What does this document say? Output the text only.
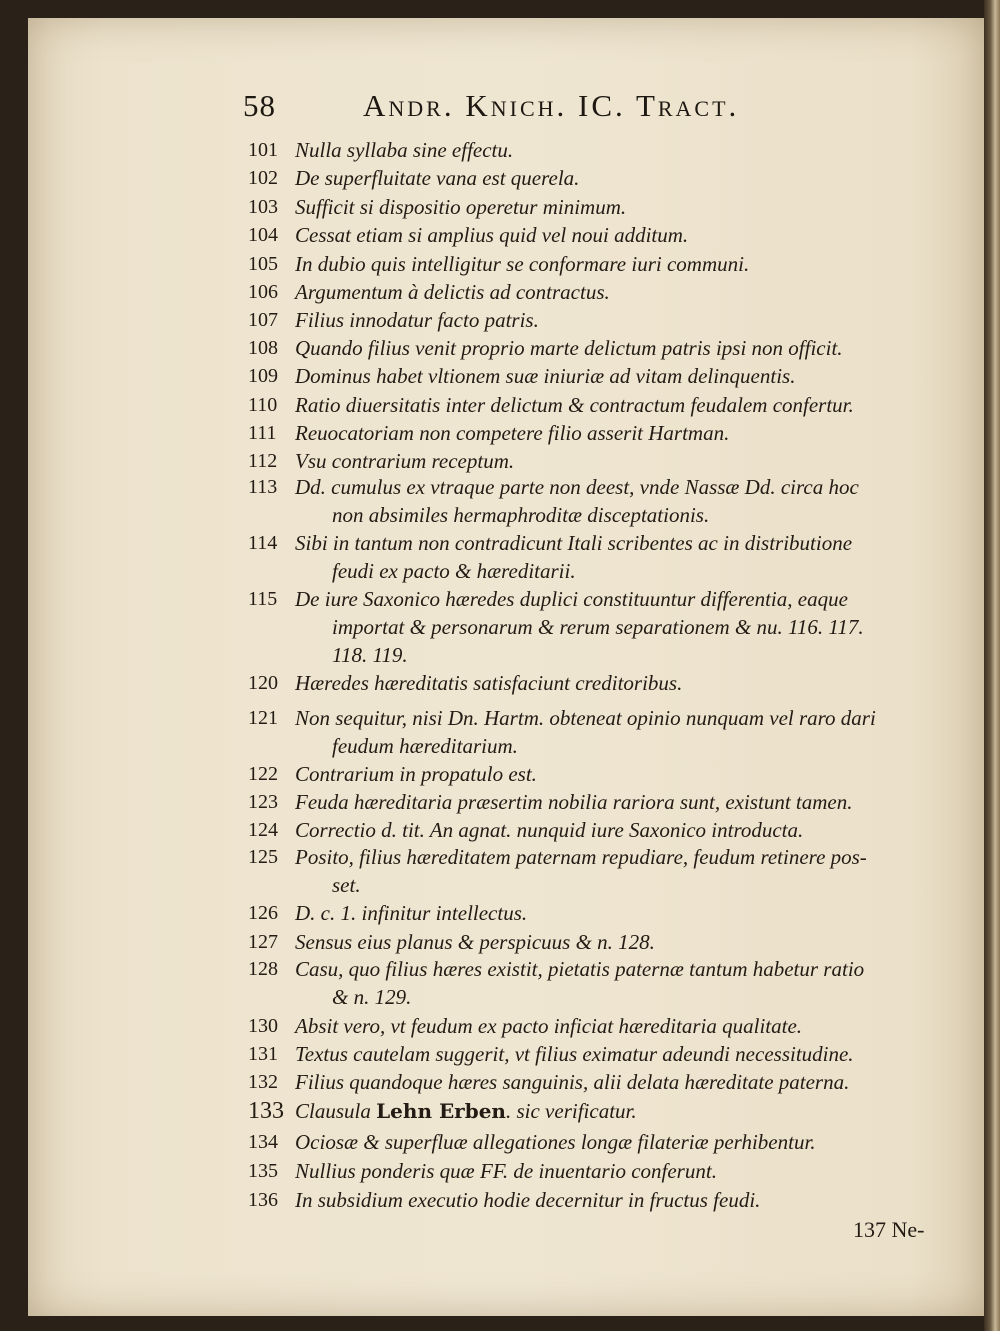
58	Andr. Knich. IC. Tract.
101 Nulla syllaba sine effectu.
102 De superfluitate vana est querela.
103 Sufficit si dispositio operetur minimum.
104 Cessat etiam si amplius quid vel noui additum.
105 In dubio quis intelligitur se conformare iuri communi.
106 Argumentum à delictis ad contractus.
107 Filius innodatur facto patris.
108 Quando filius venit proprio marte delictum patris ipsi non officit.
109 Dominus habet vltionem suæ iniuriæ ad vitam delinquentis.
110 Ratio diuersitatis inter delictum & contractum feudalem confertur.
111 Reuocatoriam non competere filio asserit Hartman.
112 Vsu contrarium receptum.
113 Dd. cumulus ex vtraque parte non deest, vnde Nassæ Dd. circa hoc
non absimiles hermaphroditæ disceptationis.
114 Sibi in tantum non contradicunt Itali scribentes ac in distributione
feudi ex pacto & hæreditarii.
115 De iure Saxonico hæredes duplici constituuntur differentia, eaque
importat & personarum & rerum separationem & nu. 116. 117.
118. 119.
120 Hæredes hæreditatis satisfaciunt creditoribus.
121 Non sequitur, nisi Dn. Hartm. obteneat opinio nunquam vel raro dari
feudum hæreditarium.
122 Contrarium in propatulo est.
123 Feuda hæreditaria præsertim nobilia rariora sunt, existunt tamen.
124 Correctio d. tit. An agnat. nunquid iure Saxonico introducta.
125 Posito, filius hæreditatem paternam repudiare, feudum retinere pos-
set.
126 D. c. 1. infinitur intellectus.
127 Sensus eius planus & perspicuus & n. 128.
128 Casu, quo filius hæres existit, pietatis paternæ tantum habetur ratio
& n. 129.
130 Absit vero, vt feudum ex pacto inficiat hæreditaria qualitate.
131 Textus cautelam suggerit, vt filius eximatur adeundi necessitudine.
132 Filius quandoque hæres sanguinis, alii delata hæreditate paterna.
133 Clausula Lehn Erben. sic verificatur.
134 Ociosæ & superfluæ allegationes longæ filateriæ perhibentur.
135 Nullius ponderis quæ FF. de inuentario conferunt.
136 In subsidium executio hodie decernitur in fructus feudi.
137 Ne-
